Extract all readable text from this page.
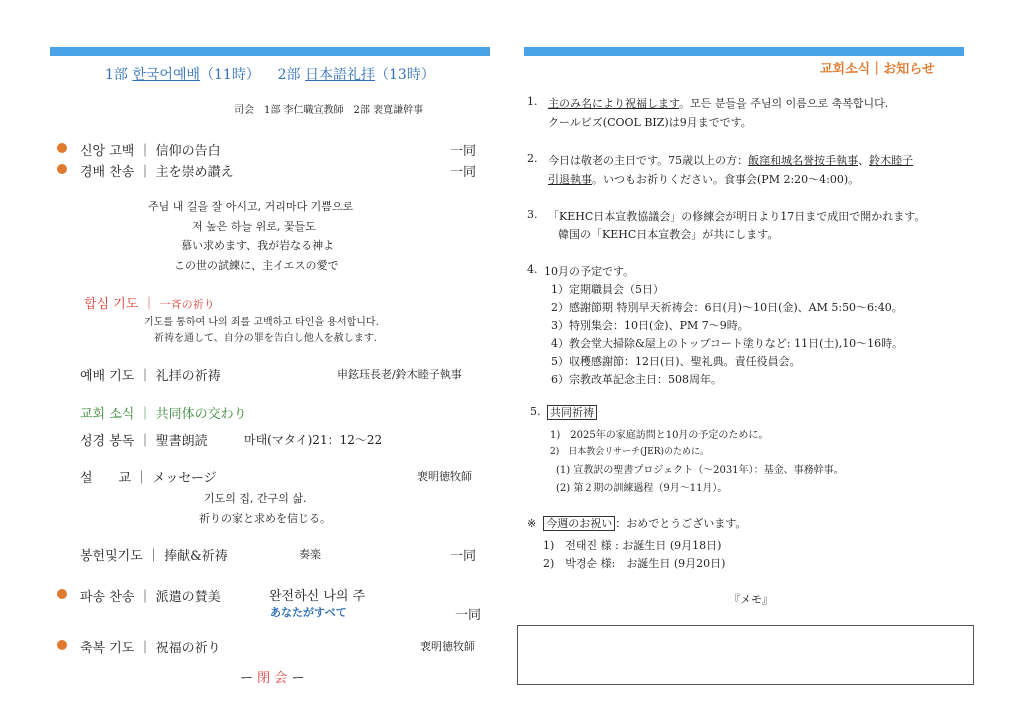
1部 한국어예배（11時） 2部 日本語礼拝（13時）
司会　1部 李仁職宣教師　2部 裵寬謙幹事
신앙 고백 ｜ 信仰の告白	一同
경배 찬송 ｜ 主を崇め讃え	一同
주님 내 길을 잘 아시고, 거리마다 기쁨으로
저 높은 하늘 위로, 꽃들도
慕い求めます、我が岩なる神よ
この世の試練に、主イエスの愛で
합심 기도 ｜ 一斉の祈り
기도를 통하여 나의 죄를 고백하고 타인을 용서합니다.
祈祷を通して、自分の罪を告白し他人を赦します.
예배 기도 ｜ 礼拝の祈祷	申鉉珏長老/鈴木睦子執事
교회 소식 ｜ 共同体の交わり
성경 봉독 ｜ 聖書朗読	마태(マタイ)21：12～22
설　　교 ｜ メッセージ	裵明徳牧師
기도의 집, 간구의 삶.
祈りの家と求めを信じる。
봉헌및기도 ｜ 捧献&祈祷	奏楽	一同
파송 찬송 ｜ 派遣の賛美	완전하신 나의 주
あなたがすべて	一同
축복 기도 ｜ 祝福の祈り	裵明徳牧師
ー 閉 会 ー
교회소식｜お知らせ
1. 主のみ名により祝福します。모든 분들을 주님의 이름으로 축복합니다.
クールビズ(COOL BIZ)は9月までです。
2. 今日は敬老の主日です。75歳以上の方：飯窪和城名誉按手執事、鈴木睦子
引退執事。いつもお祈りください。食事会(PM 2:20～4:00)。
3. 「KEHC日本宣教協議会」の修練会が明日より17日まで成田で開かれます。
韓国の「KEHC日本宣教会」が共にします。
4. 10月の予定です。
1）定期職員会（5日）
2）感謝節期 特別早天祈祷会：6日(月)～10日(金)、AM 5:50～6:40。
3）特別集会：10日(金)、PM 7～9時。
4）教会堂大掃除&屋上のトップコート塗りなど: 11日(土),10～16時。
5）収穫感謝節：12日(日)、聖礼典。責任役員会。
6）宗教改革記念主日：508周年。
5. 共同祈祷
1)　2025年の家庭訪問と10月の予定のために。
2)　日本教会リサーチ(JER)のために。
(1) 宣教訳の聖書プロジェクト（～2031年）：基金、事務幹事。
(2) 第２期の訓練過程（9月～11月）。
※ 今週のお祝い ：おめでとうございます。
1)　전태진 様 : お誕生日 (9月18日)
2)　박경순 様:　お誕生日 (9月20日)
『メモ』
